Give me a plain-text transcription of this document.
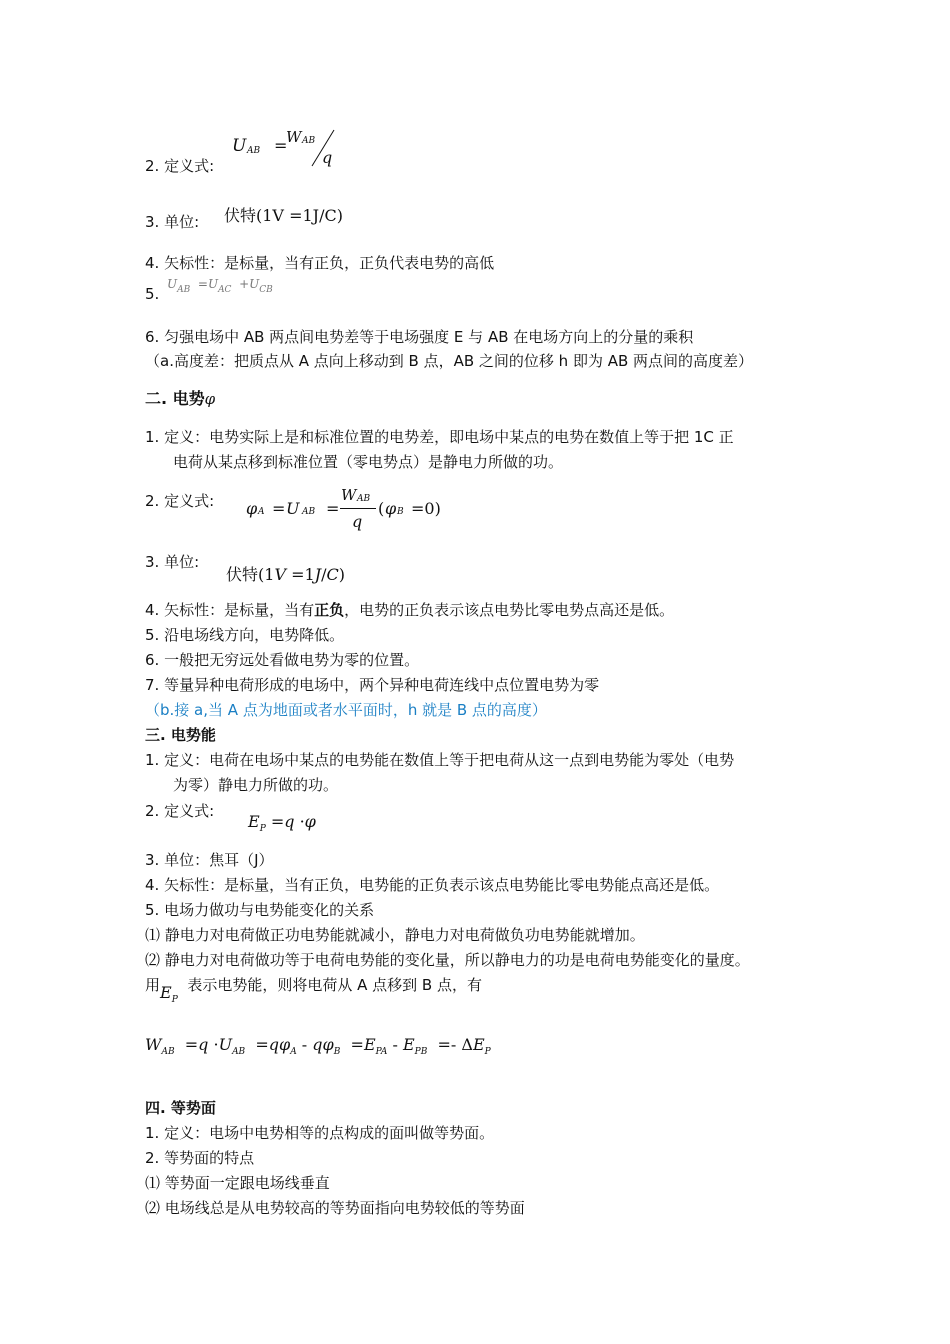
U AB =
W AB
q
2. 定义式:
3. 单位: 伏特(1V =1J/C)
4. 矢标性：是标量，当有正负，正负代表电势的高低
5.
$U_{AB} =U_{AC} +U_{CB}$
6. 匀强电场中 AB 两点间电势差等于电场强度 E 与 AB 在电场方向上的分量的乘积
（a.高度差：把质点从 A 点向上移动到 B 点，AB 之间的位移 h 即为 AB 两点间的高度差）
二. 电势φ
1. 定义：电势实际上是和标准位置的电势差，即电场中某点的电势在数值上等于把 1C 正
电荷从某点移到标准位置（零电势点）是静电力所做的功。
2. 定义式: φ A = U AB =
W AB
q
( φ B =0)
3. 单位:
伏特(1V =1J/C)
4. 矢标性：是标量，当有正负，电势的正负表示该点电势比零电势点高还是低。
5. 沿电场线方向，电势降低。
6. 一般把无穷远处看做电势为零的位置。
7. 等量异种电荷形成的电场中，两个异种电荷连线中点位置电势为零
（b.接 a,当 A 点为地面或者水平面时，h 就是 B 点的高度）
三. 电势能
1. 定义：电荷在电场中某点的电势能在数值上等于把电荷从这一点到电势能为零处（电势
为零）静电力所做的功。
2. 定义式:
$E_P =q \cdot\varphi$
3. 单位：焦耳（J）
4. 矢标性：是标量，当有正负，电势能的正负表示该点电势能比零电势能点高还是低。
5. 电场力做功与电势能变化的关系
⑴ 静电力对电荷做正功电势能就减小，静电力对电荷做负功电势能就增加。
⑵ 静电力对电荷做功等于电荷电势能的变化量，所以静电力的功是电荷电势能变化的量度。
用$E_P$  表示电势能，则将电荷从 A 点移到 B 点，有
$W_{AB} =q \cdot U_{AB} =q\varphi_A - q\varphi_B =E_{PA} - E_{PB} =- \Delta E_P$
四. 等势面
1. 定义：电场中电势相等的点构成的面叫做等势面。
2. 等势面的特点
⑴ 等势面一定跟电场线垂直
⑵ 电场线总是从电势较高的等势面指向电势较低的等势面
